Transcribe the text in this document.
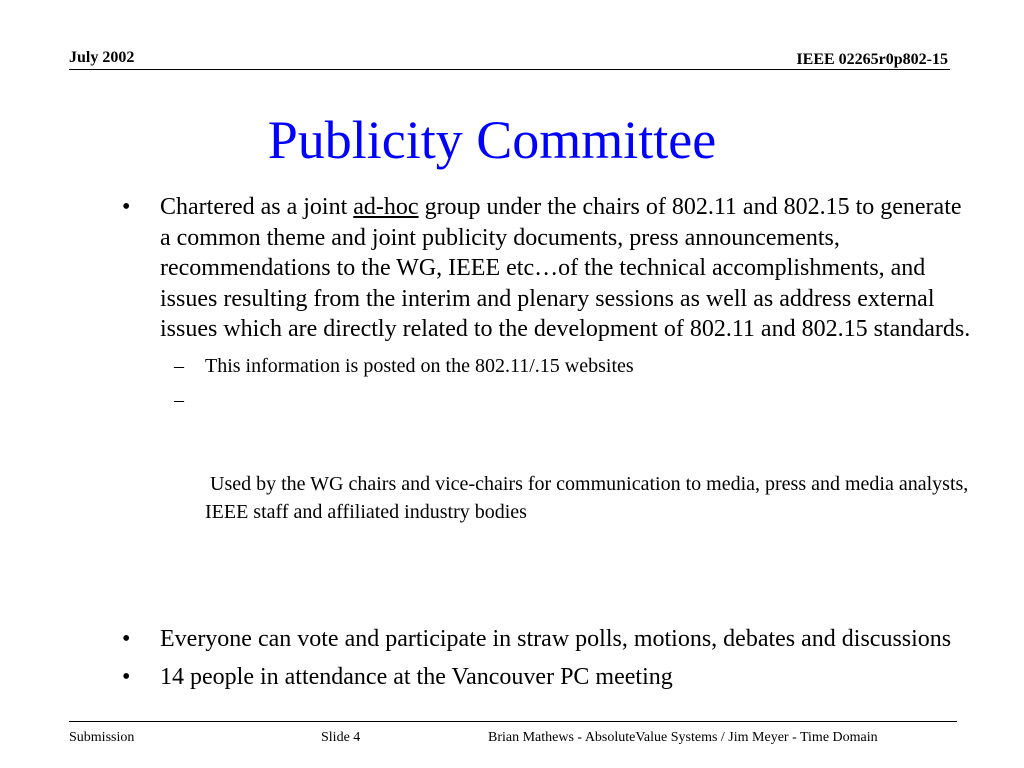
July 2002	IEEE 02265r0p802-15
Publicity Committee
• Chartered as a joint ad-hoc group under the chairs of 802.11 and 802.15 to generate a common theme and joint publicity documents, press announcements, recommendations to the WG, IEEE etc…of the technical accomplishments, and issues resulting from the interim and plenary sessions as well as address external issues which are directly related to the development of 802.11 and 802.15 standards.

– This information is posted on the 802.11/.15 websites

–

Used by the WG chairs and vice-chairs for communication to media, press and media analysts, IEEE staff and affiliated industry bodies

• Everyone can vote and participate in straw polls, motions, debates and discussions

• 14 people in attendance at the Vancouver PC meeting

Submission	Slide 4	Brian Mathews - AbsoluteValue Systems / Jim Meyer - Time Domain
